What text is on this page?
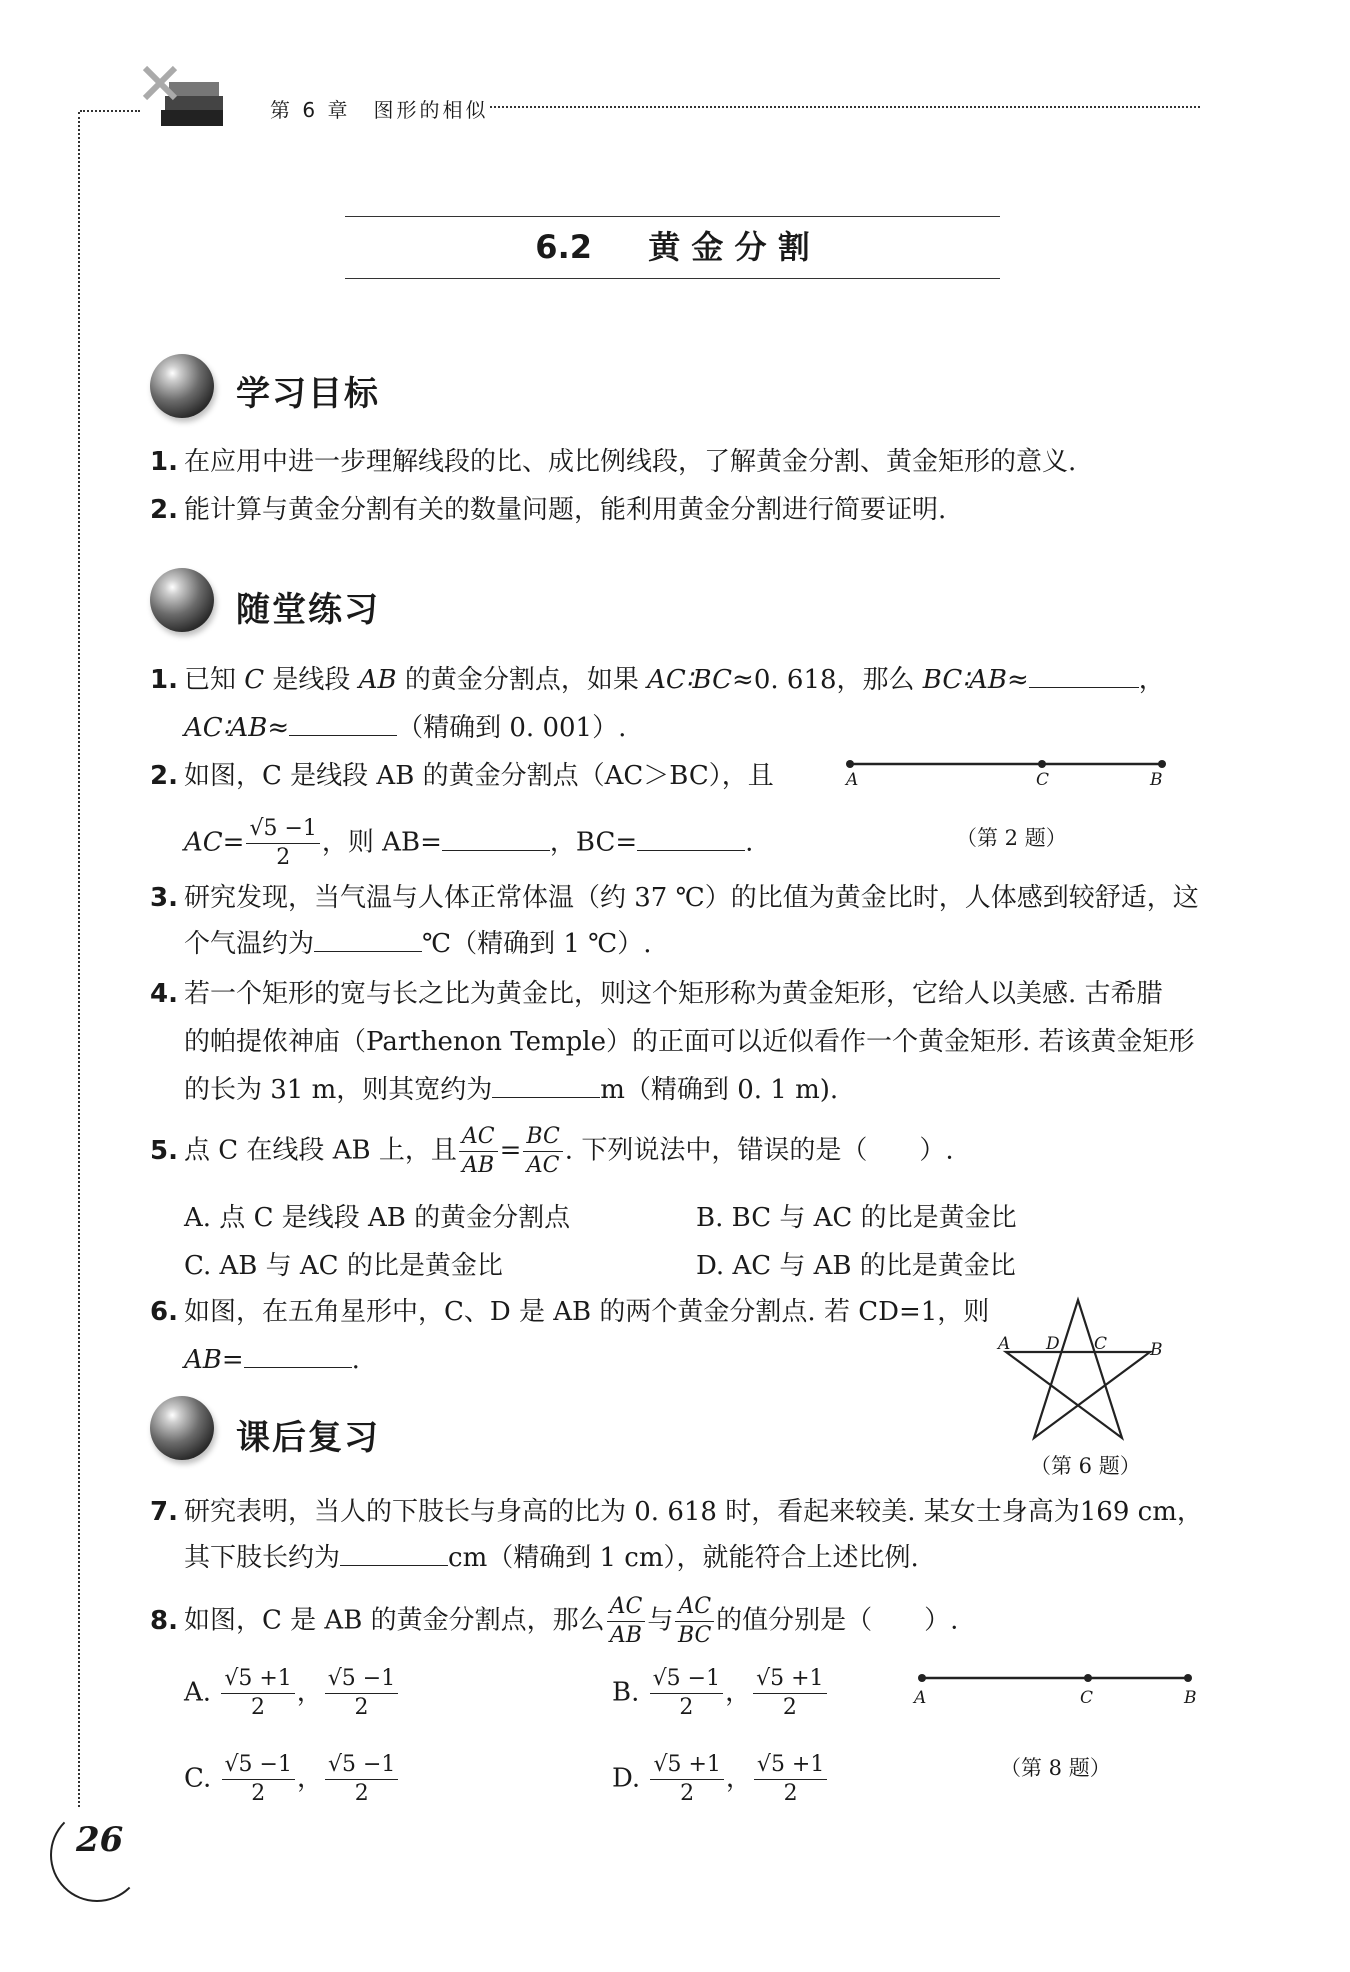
第 6 章　图形的相似
6.2 黄 金 分 割
学习目标
1. 在应用中进一步理解线段的比、成比例线段，了解黄金分割、黄金矩形的意义.
2. 能计算与黄金分割有关的数量问题，能利用黄金分割进行简要证明.
随堂练习
1. 已知 C 是线段 AB 的黄金分割点，如果 AC∶BC≈0. 618，那么 BC∶AB≈	，
AC∶AB≈	（精确到 0. 001）.
2. 如图，C 是线段 AB 的黄金分割点（AC＞BC），且	A	C	B
（第 2 题）
$AC= \frac{√5 -1}{2}$ ，则 AB=	，BC=	.
3. 研究发现，当气温与人体正常体温（约 37 ℃）的比值为黄金比时，人体感到较舒适，这
个气温约为	℃（精确到 1 ℃）.
4. 若一个矩形的宽与长之比为黄金比，则这个矩形称为黄金矩形，它给人以美感. 古希腊
的帕提侬神庙（Parthenon Temple）的正面可以近似看作一个黄金矩形. 若该黄金矩形
的长为 31 m，则其宽约为	m（精确到 0. 1 m).
5. 点 C 在线段 AB 上，且 $\frac{AC}{AB} = \frac{BC}{AC}$ . 下列说法中，错误的是（　　）.
A. 点 C 是线段 AB 的黄金分割点	B. BC 与 AC 的比是黄金比
C. AB 与 AC 的比是黄金比	D. AC 与 AB 的比是黄金比
6. 如图，在五角星形中，C、D 是 AB 的两个黄金分割点. 若 CD=1，则
AB=	.
A D C	B
（第 6 题）
课后复习
7. 研究表明，当人的下肢长与身高的比为 0. 618 时，看起来较美. 某女士身高为169 cm，
其下肢长约为	cm（精确到 1 cm），就能符合上述比例.
8. 如图，C 是 AB 的黄金分割点，那么 $\frac{AC}{AB}$ 与 $\frac{AC}{BC}$ 的值分别是（　　）.
A. $\frac{√5 +1}{2}$ ， $\frac{√5 -1}{2}$	B. $\frac{√5 -1}{2}$ ， $\frac{√5 +1}{2}$
C. $\frac{√5 -1}{2}$ ， $\frac{√5 -1}{2}$	D. $\frac{√5 +1}{2}$ ， $\frac{√5 +1}{2}$
A	C	B
（第 8 题）
26
